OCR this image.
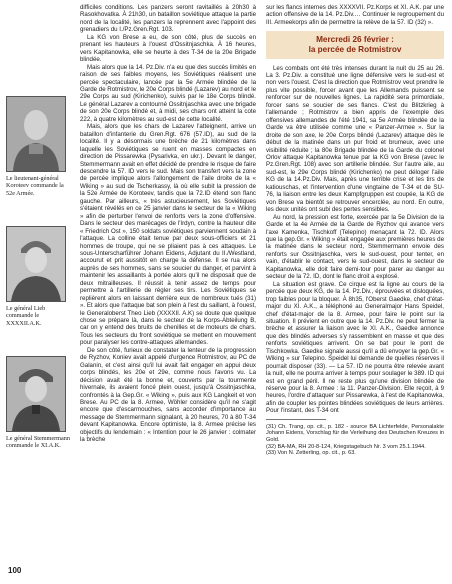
Le lieutenant-général Koroteev commande la 52e Armée.
Le général Lieb commande le XXXXII.A.K.
Le général Stemmermann commande le XI.A.K.

difficiles conditions. Les panzers seront ravitaillés à 20h30 à Rasokhovatka. À 21h30, un bataillon soviétique attaque la partie nord de la localité, les panzers la reprennent avec l'appoint des grenadiers du I./Pz.Gren.Rgt. 103.

La KG von Brese a eu, de son côté, plus de succès en prenant les hauteurs à l'ouest d'Ossitnjaschka. À 16 heures, vers Kapitanowka, elle se heurte à des T-34 de la 20e Brigade blindée.

Mais alors que la 14. Pz.Div. n'a eu que des succès limités en raison de ses faibles moyens, les Soviétiques réalisent une percée spectaculaire, lancée par la 5e Armée blindée de la Garde de Rotmistrov, le 20e Corps blindé (Lazarev) au nord et le 29e Corps au sud (Kirichenko), suivis par le 18e Corps blindé. Le général Lazarev a contourné Ossitnjaschka avec une brigade de son 20e Corps blindé et, à midi, ses chars ont atteint la cote 222, à quatre kilomètres au sud-est de cette localité.

Mais, alors que les chars de Lazarev l'atteignent, arrive un bataillon d'infanterie du Gren.Rgt. 676 (57.ID), au sud de la localité. Il y a désormais une brèche de 21 kilomètres dans laquelle les Soviétiques se ruent en masses compactes en direction de Pissarewka (Pysarivka, en ukr.). Devant le danger, Stemmermann avait en effet décidé de prendre le risque de faire descendre la 57. ID vers le sud. Mais son transfert vers la zone de percée implique alors l'allongement de l'aile droite de la « Wiking » au sud de Tscherkassy, là où elle subit la pression de la 52e Armée de Koroteev, tandis que la 72.ID étend son flanc gauche. Par ailleurs, « très astucieusement, les Soviétiques s'étaient révélés en ce 25 janvier dans le secteur de la « Wiking » afin de perturber l'envoi de renforts vers la zone d'offensive. Dans le secteur des marécages de l'Irdyn, contre la hauteur dite « Friedrich Ost », 150 soldats soviétiques parviennent soudain à l'attaque. La colline était tenue par deux sous-officiers et 21 hommes de troupe, qui ne se pliaient pas à ces attaques. Le sous-Unterscharführer Johann Eidens, Adjutant du II./Westland, accourut et prit aussitôt en charge la défense. Il se rua alors auprès de ses hommes, sans se soucier du danger, et parvint à maintenir les assaillants à portée alors qu'il ne disposait que de deux mitrailleuses. Il réussit à tenir assez de temps pour permettre à l'artillerie de régler ses tirs. Les Soviétiques se replièrent alors en laissant derrière eux de nombreux tués (31) ». Et alors que l'attaque bat son plein à l'est du saillant, à l'ouest, le Generaloberst Theo Lieb (XXXXII. A.K) se doute que quelque chose se prépare là, dans le secteur de la Korps-Abteilung B, car on y entend des bruits de chenilles et de moteurs de chars. Tous les secteurs du front soviétique se mettent en mouvement pour paralyser les contre-attaques allemandes.

De son côté, furieux de constater la lenteur de la progression de Ryzhov, Koniev avait appelé d'urgence Rotmistrov, au PC de Galanin, et c'est ainsi qu'il lui avait fait engager en appui deux corps blindés, les 20e et 29e, comme nous l'avons vu. La décision avait été la bonne et, couverts par la tourmente hivernale, ils avaient foncé plein ouest, jusqu'à Ossitnjaschka, confrontés à la Gep.Gr. « Wiking », puis aux KG Langkeit et von Brese. Au PC de la 8. Armee, Wöhler considère qu'il ne s'agit encore que d'escarmouches, sans accorder d'importance au message de Stemmermann signalant, à 20 heures, 70 à 80 T-34 devant Kapitanowka. Encore optimiste, la 8. Armee précise les objectifs du lendemain : « Intention pour le 26 janvier : colmater la brèche

sur les flancs internes des XXXXVII. Pz.Korps et XI. A.K. par une action offensive de la 14. Pz.Div.… Continuer le regroupement du III. Armeekorps afin de permettre la relève de la 57. ID (32) ».

Mercredi 26 février :
la percée de Rotmistrov

Les combats ont été très intenses durant la nuit du 25 au 26. La 3. Pz.Div. a constitué une ligne défensive vers le sud-est et non vers l'ouest. C'est la direction que Rotmistrov veut prendre le plus vite possible, forcer avant que les Allemands puissent se renforcer sur de nouvelles lignes. La rapidité sera primordiale, forcer sans se soucier de ses flancs. C'est du Blitzkrieg à l'allemande ; Rotmistrov a bien appris de l'exemple des offensives allemandes de l'été 1941, sa 5e Armée blindée de la Garde va être utilisée comme une « Panzer-Armee ». Sur la droite de son axe, le 20e Corps blindé (Lazarev) attaque dès le début de la matinée dans un pur froid et brumeux, avec une visibilité réduite ; la 80e Brigade blindée de la Garde du colonel Orlov attaque Kapitanowka tenue par la KG von Brese (avec le Pz.Gren.Rgt. 108) avec son artillerie blindée. Sur l'autre aile, au sud-est, le 29e Corps blindé (Kirichenko) ne peut déloger l'aile KG de la 14.Pz.Div. Mais, après une terrible crise et les tirs de katiouschas, et l'intervention d'une vingtaine de T-34 et de SU-76, la liaison entre les deux Kampfgruppen est coupée, la KG de von Brese va bientôt se retrouver encerclée, au nord. En outre, les deux unités ont subi des pertes sensibles.

Au nord, la pression est forte, exercée par la 5e Division de la Garde et la 4e Armée de la Garde de Ryzhov qui avance vers l'axe Kamenka, Tischkoff (Telepino) menaçant la 72. ID. Alors que la gep.Gr. « Wiking » était engagée aux premières heures de la matinée dans le secteur nord, Stemmermann envoie des renforts sur Ossitnjaschka, vers le sud-ouest, pour tenter, en vain, d'établir le contact, vers le sud-ouest, dans le secteur de Kapitanowka, elle doit faire demi-tour pour parer au danger au secteur de la 72. ID, dont le flanc droit a explosé.

La situation est grave. Ce cirque est la ligne au cours de la percée que deux KG, de la 14. Pz.Div., éprouvées et disloquées, trop faibles pour la bloquer. À 8h35, l'Oberst Gaedke, chef d'état-major du XI. A.K., a téléphoné au Generalmajor Hans Speidel, chef d'état-major de la 8. Armee, pour faire le point sur la situation. Il prévient en outre que la 14. Pz.Div. ne peut fermer la brèche et assurer la liaison avec le XI. A.K., Gaedke annonce que des blindés adverses s'y rassemblent en masse et que des renforts soviétiques arrivent. On se bat pour le pont de Tischkowka. Gaedke signale aussi qu'il a dû envoyer la gep.Gr. « Wiking » sur Telepino. Speidel lui demande de quelles réserves il pourrait disposer (33). — La 57. ID ne pourra être relevée avant la nuit, elle ne pourra arriver à temps pour soulager le 389. ID qui est en grand péril. Il ne reste plus qu'une division blindée de réserve pour la 8. Armee : la 11. Panzer-Division. Elle reçoit, à 9 heures, l'ordre d'attaquer sur Pissarewka, à l'est de Kapitanowka, afin de coupler les pointes blindées soviétiques de leurs arrières. Pour l'instant, des T-34 ont

(31) Ch. Trang, op. cit., p. 182 - source BA Lichterfelde, Personalakte Johann Eidens, Vorschlag für die Verleihung des Deutschen Kreuzes in Gold.

(32) BA-MA, RH 20-8-124, Kriegstagebuch Nr. 3 vom 25.1.1944.

(33) Von N. Zetterling, op. cit., p. 63.

100
